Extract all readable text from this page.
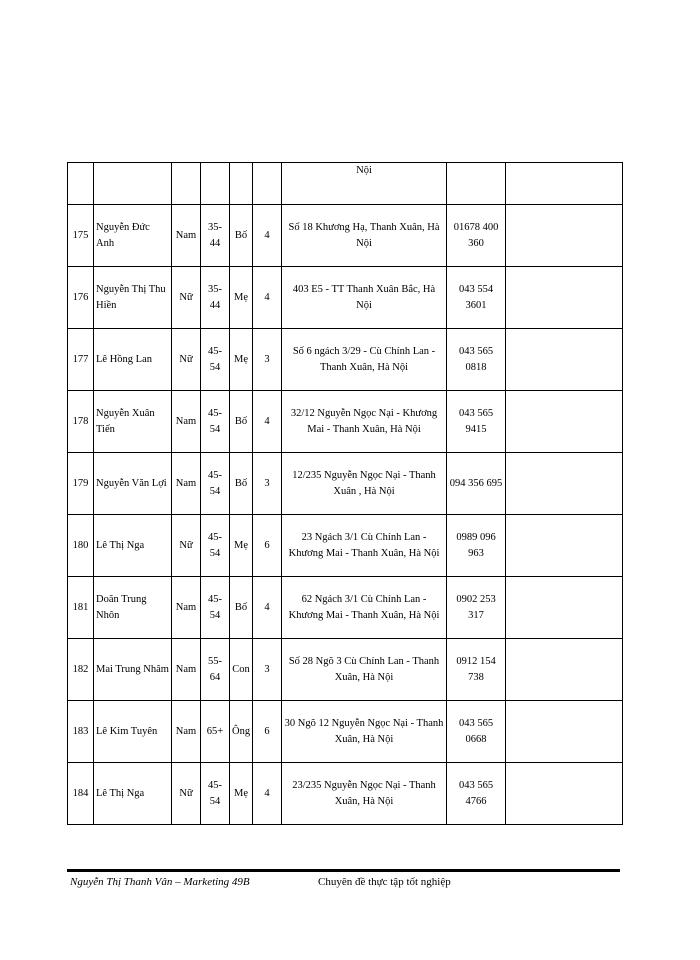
						Nội		
175	Nguyễn Đức Anh	Nam	35-44	Bố	4	Số 18 Khương Hạ, Thanh Xuân, Hà Nội	01678 400 360	
176	Nguyễn Thị Thu Hiền	Nữ	35-44	Mẹ	4	403 E5 - TT Thanh Xuân Bắc, Hà Nội	043 554 3601	
177	Lê Hồng Lan	Nữ	45-54	Mẹ	3	Số 6 ngách 3/29 - Cù Chính Lan - Thanh Xuân, Hà Nội	043 565 0818	
178	Nguyễn Xuân Tiến	Nam	45-54	Bố	4	32/12 Nguyễn Ngọc Nại - Khương Mai - Thanh Xuân, Hà Nội	043 565 9415	
179	Nguyễn Văn Lợi	Nam	45-54	Bố	3	12/235 Nguyễn Ngọc Nại - Thanh Xuân , Hà Nội	094 356 695	
180	Lê Thị Nga	Nữ	45-54	Mẹ	6	23 Ngách 3/1 Cù Chính Lan - Khương Mai - Thanh Xuân, Hà Nội	0989 096 963	
181	Doãn Trung Nhôn	Nam	45-54	Bố	4	62 Ngách 3/1 Cù Chính Lan - Khương Mai - Thanh Xuân, Hà Nội	0902 253 317	
182	Mai Trung Nhâm	Nam	55-64	Con	3	Số 28 Ngõ 3 Cù Chính Lan - Thanh Xuân, Hà Nội	0912 154 738	
183	Lê Kim Tuyên	Nam	65+	Ông	6	30 Ngõ 12 Nguyễn Ngọc Nại - Thanh Xuân, Hà Nội	043 565 0668	
184	Lê Thị Nga	Nữ	45-54	Mẹ	4	23/235 Nguyễn Ngọc Nại - Thanh Xuân, Hà Nội	043 565 4766	
Nguyễn Thị Thanh Vân – Marketing 49B	Chuyên đề thực tập tốt nghiệp
